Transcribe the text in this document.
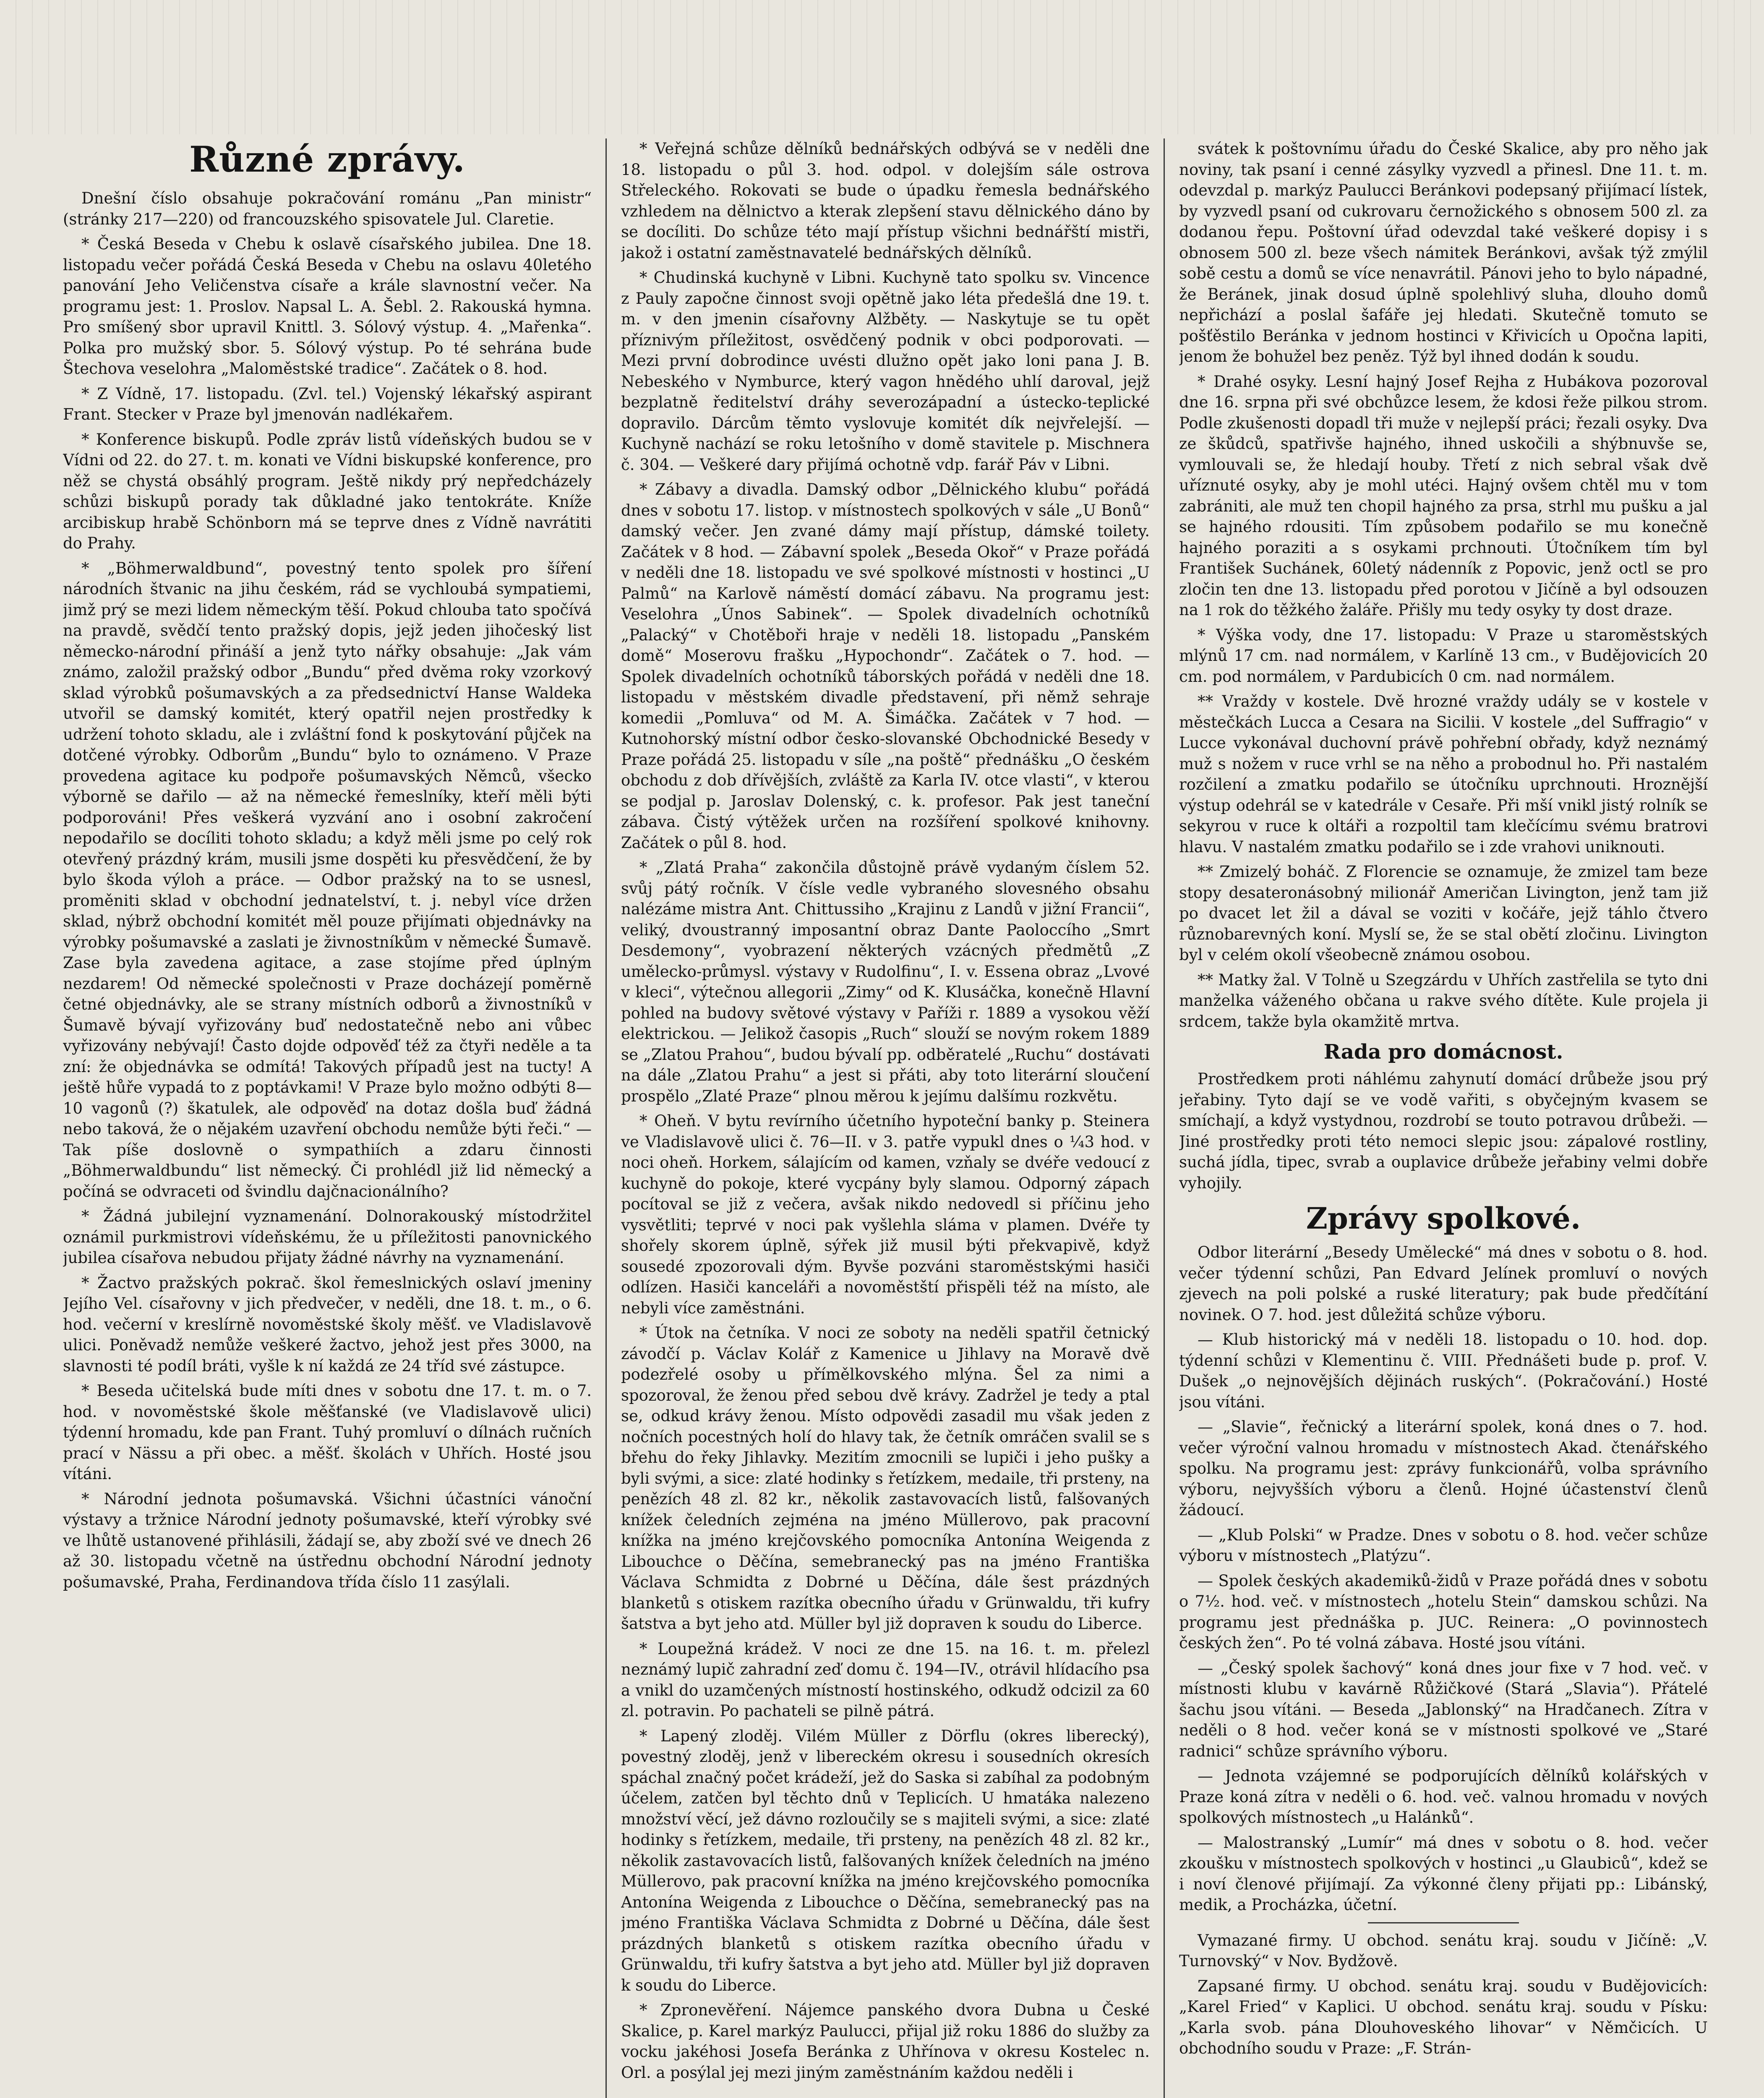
Různé zprávy.

Dnešní číslo obsahuje pokračování románu „Pan ministr“ (stránky 217—220) od francouzského spisovatele Jul. Claretie.

* Česká Beseda v Chebu k oslavě císařského jubilea. Dne 18. listopadu večer pořádá Česká Beseda v Chebu na oslavu 40letého panování Jeho Veličenstva císaře a krále slavnostní večer. Na programu jest: 1. Proslov. Napsal L. A. Šebl. 2. Rakouská hymna. Pro smíšený sbor upravil Knittl. 3. Sólový výstup. 4. „Mařenka“. Polka pro mužský sbor. 5. Sólový výstup. Po té sehrána bude Štechova veselohra „Maloměstské tradice“. Začátek o 8. hod.

* Z Vídně, 17. listopadu. (Zvl. tel.) Vojenský lékařský aspirant Frant. Stecker v Praze byl jmenován nadlékařem.

* Konference biskupů. Podle zpráv listů vídeňských budou se v Vídni od 22. do 27. t. m. konati ve Vídni biskupské konference, pro něž se chystá obsáhlý program. Ještě nikdy prý nepředcházely schůzi biskupů porady tak důkladné jako tentokráte. Kníže arcibiskup hrabě Schönborn má se teprve dnes z Vídně navrátiti do Prahy.

* „Böhmerwaldbund“, povestný tento spolek pro šíření národních štvanic na jihu českém, rád se vychloubá sympatiemi, jimž prý se mezi lidem německým těší. Pokud chlouba tato spočívá na pravdě, svědčí tento pražský dopis, jejž jeden jihočeský list německo-národní přináší a jenž tyto nářky obsahuje: „Jak vám známo, založil pražský odbor „Bundu“ před dvěma roky vzorkový sklad výrobků pošumavských a za předsednictví Hanse Waldeka utvořil se damský komitét, který opatřil nejen prostředky k udržení tohoto skladu, ale i zvláštní fond k poskytování půjček na dotčené výrobky. Odborům „Bundu“ bylo to oznámeno. V Praze provedena agitace ku podpoře pošumavských Němců, všecko výborně se dařilo — až na německé řemeslníky, kteří měli býti podporováni! Přes veškerá vyzvání ano i osobní zakročení nepodařilo se docíliti tohoto skladu; a když měli jsme po celý rok otevřený prázdný krám, musili jsme dospěti ku přesvědčení, že by bylo škoda výloh a práce. — Odbor pražský na to se usnesl, proměniti sklad v obchodní jednatelství, t. j. nebyl více držen sklad, nýbrž obchodní komitét měl pouze přijímati objednávky na výrobky pošumavské a zaslati je živnostníkům v německé Šumavě. Zase byla zavedena agitace, a zase stojíme před úplným nezdarem! Od německé společnosti v Praze docházejí poměrně četné objednávky, ale se strany místních odborů a živnostníků v Šumavě bývají vyřizovány buď nedostatečně nebo ani vůbec vyřizovány nebývají! Často dojde odpověď též za čtyři neděle a ta zní: že objednávka se odmítá! Takových případů jest na tucty! A ještě hůře vypadá to z poptávkami! V Praze bylo možno odbýti 8—10 vagonů (?) škatulek, ale odpověď na dotaz došla buď žádná nebo taková, že o nějakém uzavření obchodu nemůže býti řeči.“ — Tak píše doslovně o sympathiích a zdaru činnosti „Böhmerwaldbundu“ list německý. Či prohlédl již lid německý a počíná se odvraceti od švindlu dajčnacionálního?

* Žádná jubilejní vyznamenání. Dolnorakouský místodržitel oznámil purkmistrovi vídeňskému, že u příležitosti panovnického jubilea císařova nebudou přijaty žádné návrhy na vyznamenání.

* Žactvo pražských pokrač. škol řemeslnických oslaví jmeniny Jejího Vel. císařovny v jich předvečer, v neděli, dne 18. t. m., o 6. hod. večerní v kreslírně novoměstské školy měšť. ve Vladislavově ulici. Poněvadž nemůže veškeré žactvo, jehož jest přes 3000, na slavnosti té podíl bráti, vyšle k ní každá ze 24 tříd své zástupce.

* Beseda učitelská bude míti dnes v sobotu dne 17. t. m. o 7. hod. v novoměstské škole měšťanské (ve Vladislavově ulici) týdenní hromadu, kde pan Frant. Tuhý promluví o dílnách ručních prací v Nässu a při obec. a měšť. školách v Uhřích. Hosté jsou vítáni.

* Národní jednota pošumavská. Všichni účastníci vánoční výstavy a tržnice Národní jednoty pošumavské, kteří výrobky své ve lhůtě ustanovené přihlásili, žádají se, aby zboží své ve dnech 26 až 30. listopadu včetně na ústřednu obchodní Národní jednoty pošumavské, Praha, Ferdinandova třída číslo 11 zasýlali.

* Veřejná schůze dělníků bednářských odbývá se v neděli dne 18. listopadu o půl 3. hod. odpol. v dolejším sále ostrova Střeleckého. Rokovati se bude o úpadku řemesla bednářského vzhledem na dělnictvo a kterak zlepšení stavu dělnického dáno by se docíliti. Do schůze této mají přístup všichni bednářští mistři, jakož i ostatní zaměstnavatelé bednářských dělníků.

* Chudinská kuchyně v Libni. Kuchyně tato spolku sv. Vincence z Pauly započne činnost svoji opětně jako léta předešlá dne 19. t. m. v den jmenin císařovny Alžběty. — Naskytuje se tu opět příznivým příležitost, osvědčený podnik v obci podporovati. — Mezi první dobrodince uvésti dlužno opět jako loni pana J. B. Nebeského v Nymburce, který vagon hnědého uhlí daroval, jejž bezplatně ředitelství dráhy severozápadní a ústecko-teplické dopravilo. Dárcům těmto vyslovuje komitét dík nejvřelejší. — Kuchyně nachází se roku letošního v domě stavitele p. Mischnera č. 304. — Veškeré dary přijímá ochotně vdp. farář Páv v Libni.

* Zábavy a divadla. Damský odbor „Dělnického klubu“ pořádá dnes v sobotu 17. listop. v místnostech spolkových v sále „U Bonů“ damský večer. Jen zvané dámy mají přístup, dámské toilety. Začátek v 8 hod. — Zábavní spolek „Beseda Okoř“ v Praze pořádá v neděli dne 18. listopadu ve své spolkové místnosti v hostinci „U Palmů“ na Karlově náměstí domácí zábavu. Na programu jest: Veselohra „Únos Sabinek“. — Spolek divadelních ochotníků „Palacký“ v Chotěboři hraje v neděli 18. listopadu „Panském domě“ Moserovu frašku „Hypochondr“. Začátek o 7. hod. — Spolek divadelních ochotníků táborských pořádá v neděli dne 18. listopadu v městském divadle představení, při němž sehraje komedii „Pomluva“ od M. A. Šimáčka. Začátek v 7 hod. — Kutnohorský místní odbor česko-slovanské Obchodnické Besedy v Praze pořádá 25. listopadu v síle „na poště“ přednášku „O českém obchodu z dob dřívějších, zvláště za Karla IV. otce vlasti“, v kterou se podjal p. Jaroslav Dolenský, c. k. profesor. Pak jest taneční zábava. Čistý výtěžek určen na rozšíření spolkové knihovny. Začátek o půl 8. hod.

* „Zlatá Praha“ zakončila důstojně právě vydaným číslem 52. svůj pátý ročník. V čísle vedle vybraného slovesného obsahu nalézáme mistra Ant. Chittussiho „Krajinu z Landů v jižní Francii“, veliký, dvoustranný imposantní obraz Dante Paoloccího „Smrt Desdemony“, vyobrazení některých vzácných předmětů „Z umělecko-průmysl. výstavy v Rudolfinu“, I. v. Essena obraz „Lvové v kleci“, výtečnou allegorii „Zimy“ od K. Klusáčka, konečně Hlavní pohled na budovy světové výstavy v Paříži r. 1889 a vysokou věží elektrickou. — Jelikož časopis „Ruch“ slouží se novým rokem 1889 se „Zlatou Prahou“, budou bývalí pp. odběratelé „Ruchu“ dostávati na dále „Zlatou Prahu“ a jest si přáti, aby toto literární sloučení prospělo „Zlaté Praze“ plnou měrou k jejímu dalšímu rozkvětu.

* Oheň. V bytu revírního účetního hypoteční banky p. Steinera ve Vladislavově ulici č. 76—II. v 3. patře vypukl dnes o ¼3 hod. v noci oheň. Horkem, sálajícím od kamen, vzňaly se dvéře vedoucí z kuchyně do pokoje, které vycpány byly slamou. Odporný zápach pocítoval se již z večera, avšak nikdo nedovedl si příčinu jeho vysvětliti; teprvé v noci pak vyšlehla sláma v plamen. Dvéře ty shořely skorem úplně, sýřek již musil býti překvapivě, když sousedé zpozorovali dým. Byvše pozváni staroměstskými hasiči odlízen. Hasiči kanceláři a novoměstští přispěli též na místo, ale nebyli více zaměstnáni.

* Útok na četníka. V noci ze soboty na neděli spatřil četnický závodčí p. Václav Kolář z Kamenice u Jihlavy na Moravě dvě podezřelé osoby u přímělkovského mlýna. Šel za nimi a spozoroval, že ženou před sebou dvě krávy. Zadržel je tedy a ptal se, odkud krávy ženou. Místo odpovědi zasadil mu však jeden z nočních pocestných holí do hlavy tak, že četník omráčen svalil se s břehu do řeky Jihlavky. Mezitím zmocnili se lupiči i jeho pušky a byli svými, a sice: zlaté hodinky s řetízkem, medaile, tři prsteny, na penězích 48 zl. 82 kr., několik zastavovacích listů, falšovaných knížek čeledních zejména na jméno Müllerovo, pak pracovní knížka na jméno krejčovského pomocníka Antonína Weigenda z Libouchce o Děčína, semebranecký pas na jméno Františka Václava Schmidta z Dobrné u Děčína, dále šest prázdných blanketů s otiskem razítka obecního úřadu v Grünwaldu, tři kufry šatstva a byt jeho atd. Müller byl již dopraven k soudu do Liberce.

* Loupežná krádež. V noci ze dne 15. na 16. t. m. přelezl neznámý lupič zahradní zeď domu č. 194—IV., otrávil hlídacího psa a vnikl do uzamčených místností hostinského, odkudž odcizil za 60 zl. potravin. Po pachateli se pilně pátrá.

* Lapený zloděj. Vilém Müller z Dörflu (okres liberecký), povestný zloděj, jenž v libereckém okresu i sousedních okresích spáchal značný počet krádeží, jež do Saska si zabíhal za podobným účelem, zatčen byl těchto dnů v Teplicích. U hmatáka nalezeno množství věcí, jež dávno rozloučily se s majiteli svými, a sice: zlaté hodinky s řetízkem, medaile, tři prsteny, na penězích 48 zl. 82 kr., několik zastavovacích listů, falšovaných knížek čeledních na jméno Müllerovo, pak pracovní knížka na jméno krejčovského pomocníka Antonína Weigenda z Libouchce o Děčína, semebranecký pas na jméno Františka Václava Schmidta z Dobrné u Děčína, dále šest prázdných blanketů s otiskem razítka obecního úřadu v Grünwaldu, tři kufry šatstva a byt jeho atd. Müller byl již dopraven k soudu do Liberce.

* Zpronevěření. Nájemce panského dvora Dubna u České Skalice, p. Karel markýz Paulucci, přijal již roku 1886 do služby za vocku jakéhosi Josefa Beránka z Uhřínova v okresu Kostelec n. Orl. a posýlal jej mezi jiným zaměstnáním každou neděli i

svátek k poštovnímu úřadu do České Skalice, aby pro něho jak noviny, tak psaní i cenné zásylky vyzvedl a přinesl. Dne 11. t. m. odevzdal p. markýz Paulucci Beránkovi podepsaný přijímací lístek, by vyzvedl psaní od cukrovaru černožického s obnosem 500 zl. za dodanou řepu. Poštovní úřad odevzdal také veškeré dopisy i s obnosem 500 zl. beze všech námitek Beránkovi, avšak týž zmýlil sobě cestu a domů se více nenavrátil. Pánovi jeho to bylo nápadné, že Beránek, jinak dosud úplně spolehlivý sluha, dlouho domů nepřichází a poslal šafáře jej hledati. Skutečně tomuto se pošťěstilo Beránka v jednom hostinci v Křivicích u Opočna lapiti, jenom že bohužel bez peněz. Týž byl ihned dodán k soudu.

* Drahé osyky. Lesní hajný Josef Rejha z Hubákova pozoroval dne 16. srpna při své obchůzce lesem, že kdosi řeže pilkou strom. Podle zkušenosti dopadl tři muže v nejlepší práci; řezali osyky. Dva ze škůdců, spatřivše hajného, ihned uskočili a shýbnuvše se, vymlouvali se, že hledají houby. Třetí z nich sebral však dvě uříznuté osyky, aby je mohl utéci. Hajný ovšem chtěl mu v tom zabrániti, ale muž ten chopil hajného za prsa, strhl mu pušku a jal se hajného rdousiti. Tím způsobem podařilo se mu konečně hajného poraziti a s osykami prchnouti. Útočníkem tím byl František Suchánek, 60letý nádenník z Popovic, jenž octl se pro zločin ten dne 13. listopadu před porotou v Jičíně a byl odsouzen na 1 rok do těžkého žaláře. Přišly mu tedy osyky ty dost draze.

* Výška vody, dne 17. listopadu: V Praze u staroměstských mlýnů 17 cm. nad normálem, v Karlíně 13 cm., v Budějovicích 20 cm. pod normálem, v Pardubicích 0 cm. nad normálem.

** Vraždy v kostele. Dvě hrozné vraždy udály se v kostele v městečkách Lucca a Cesara na Sicilii. V kostele „del Suffragio“ v Lucce vykonával duchovní právě pohřební obřady, když neznámý muž s nožem v ruce vrhl se na něho a probodnul ho. Při nastalém rozčilení a zmatku podařilo se útočníku uprchnouti. Hroznější výstup odehrál se v katedrále v Cesaře. Při mší vnikl jistý rolník se sekyrou v ruce k oltáři a rozpoltil tam klečícímu svému bratrovi hlavu. V nastalém zmatku podařilo se i zde vrahovi uniknouti.

** Zmizelý boháč. Z Florencie se oznamuje, že zmizel tam beze stopy desateronásobný milionář Američan Livington, jenž tam již po dvacet let žil a dával se voziti v kočáře, jejž táhlo čtvero různobarevných koní. Myslí se, že se stal obětí zločinu. Livington byl v celém okolí všeobecně známou osobou.

** Matky žal. V Tolně u Szegzárdu v Uhřích zastřelila se tyto dni manželka váženého občana u rakve svého dítěte. Kule projela ji srdcem, takže byla okamžitě mrtva.

Rada pro domácnost.

Prostředkem proti náhlému zahynutí domácí drůbeže jsou prý jeřabiny. Tyto dají se ve vodě vařiti, s obyčejným kvasem se smíchají, a když vystydnou, rozdrobí se touto potravou drůbeži. — Jiné prostředky proti této nemoci slepic jsou: zápalové rostliny, suchá jídla, tipec, svrab a ouplavice drůbeže jeřabiny velmi dobře vyhojily.

Zprávy spolkové.

Odbor literární „Besedy Umělecké“ má dnes v sobotu o 8. hod. večer týdenní schůzi, Pan Edvard Jelínek promluví o nových zjevech na poli polské a ruské literatury; pak bude předčítání novinek. O 7. hod. jest důležitá schůze výboru.

— Klub historický má v neděli 18. listopadu o 10. hod. dop. týdenní schůzi v Klementinu č. VIII. Přednášeti bude p. prof. V. Dušek „o nejnovějších dějinách ruských“. (Pokračování.) Hosté jsou vítáni.

— „Slavie“, řečnický a literární spolek, koná dnes o 7. hod. večer výroční valnou hromadu v místnostech Akad. čtenářského spolku. Na programu jest: zprávy funkcionářů, volba správního výboru, nejvyšších výboru a členů. Hojné účastenství členů žádoucí.

— „Klub Polski“ w Pradze. Dnes v sobotu o 8. hod. večer schůze výboru v místnostech „Platýzu“.

— Spolek českých akademiků-židů v Praze pořádá dnes v sobotu o 7½. hod. več. v místnostech „hotelu Stein“ damskou schůzi. Na programu jest přednáška p. JUC. Reinera: „O povinnostech českých žen“. Po té volná zábava. Hosté jsou vítáni.

— „Český spolek šachový“ koná dnes jour fixe v 7 hod. več. v místnosti klubu v kavárně Růžičkové (Stará „Slavia“). Přátelé šachu jsou vítáni. — Beseda „Jablonský“ na Hradčanech. Zítra v neděli o 8 hod. večer koná se v místnosti spolkové ve „Staré radnici“ schůze správního výboru.

— Jednota vzájemné se podporujících dělníků kolářských v Praze koná zítra v neděli o 6. hod. več. valnou hromadu v nových spolkových místnostech „u Halánků“.

— Malostranský „Lumír“ má dnes v sobotu o 8. hod. večer zkoušku v místnostech spolkových v hostinci „u Glaubiců“, kdež se i noví členové přijímají. Za výkonné členy přijati pp.: Libánský, medik, a Procházka, účetní.

Vymazané firmy. U obchod. senátu kraj. soudu v Jičíně: „V. Turnovský“ v Nov. Bydžově.

Zapsané firmy. U obchod. senátu kraj. soudu v Budějovicích: „Karel Fried“ v Kaplici. U obchod. senátu kraj. soudu v Písku: „Karla svob. pána Dlouhoveského lihovar“ v Němčicích. U obchodního soudu v Praze: „F. Strán-
